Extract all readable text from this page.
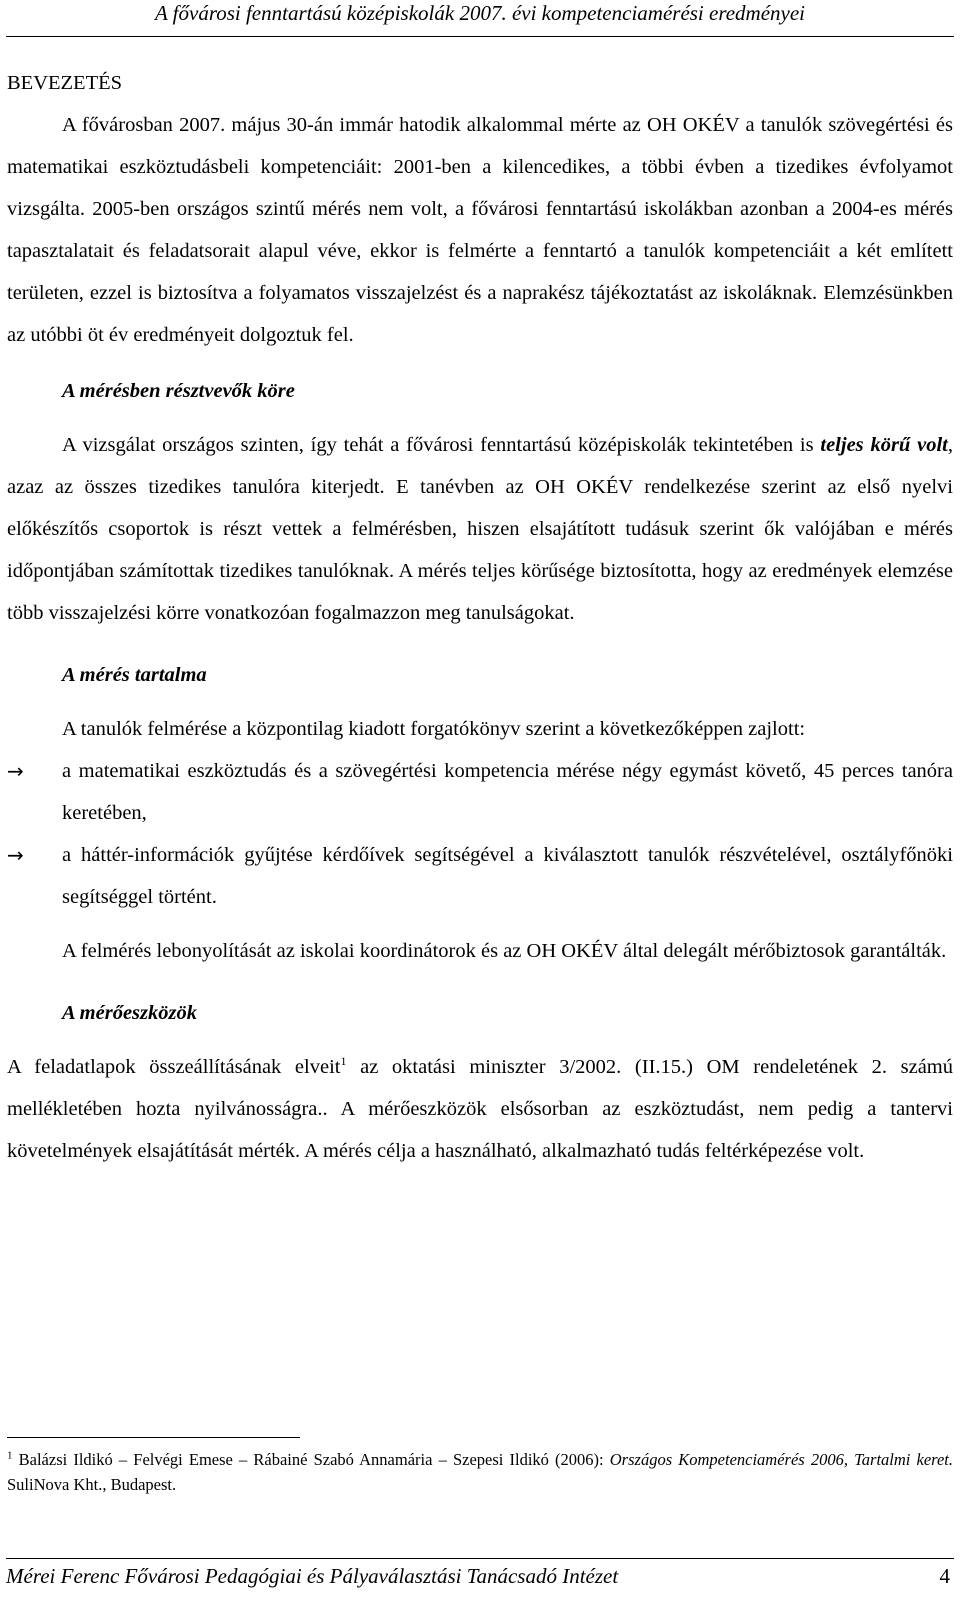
A fővárosi fenntartású középiskolák 2007. évi kompetenciamérési eredményei
BEVEZETÉS

A fővárosban 2007. május 30-án immár hatodik alkalommal mérte az OH OKÉV a tanulók szövegértési és matematikai eszköztudásbeli kompetenciáit: 2001-ben a kilencedikes, a többi évben a tizedikes évfolyamot vizsgálta. 2005-ben országos szintű mérés nem volt, a fővárosi fenntartású iskolákban azonban a 2004-es mérés tapasztalatait és feladatsorait alapul véve, ekkor is felmérte a fenntartó a tanulók kompetenciáit a két említett területen, ezzel is biztosítva a folyamatos visszajelzést és a naprakész tájékoztatást az iskoláknak. Elemzésünkben az utóbbi öt év eredményeit dolgoztuk fel.

A mérésben résztvevők köre

A vizsgálat országos szinten, így tehát a fővárosi fenntartású középiskolák tekintetében is teljes körű volt, azaz az összes tizedikes tanulóra kiterjedt. E tanévben az OH OKÉV rendelkezése szerint az első nyelvi előkészítős csoportok is részt vettek a felmérésben, hiszen elsajátított tudásuk szerint ők valójában e mérés időpontjában számítottak tizedikes tanulóknak. A mérés teljes körűsége biztosította, hogy az eredmények elemzése több visszajelzési körre vonatkozóan fogalmazzon meg tanulságokat.

A mérés tartalma

A tanulók felmérése a központilag kiadott forgatókönyv szerint a következőképpen zajlott:

→	a matematikai eszköztudás és a szövegértési kompetencia mérése négy egymást követő, 45 perces tanóra keretében,
→	a háttér-információk gyűjtése kérdőívek segítségével a kiválasztott tanulók részvételével, osztályfőnöki segítséggel történt.

A felmérés lebonyolítását az iskolai koordinátorok és az OH OKÉV által delegált mérőbiztosok garantálták.

A mérőeszközök

A feladatlapok összeállításának elveit$^1$ az oktatási miniszter 3/2002. (II.15.) OM rendeletének 2. számú mellékletében hozta nyilvánosságra.. A mérőeszközök elsősorban az eszköztudást, nem pedig a tantervi követelmények elsajátítását mérték. A mérés célja a használható, alkalmazható tudás feltérképezése volt.

$^1$ Balázsi Ildikó – Felvégi Emese – Rábainé Szabó Annamária – Szepesi Ildikó (2006): Országos Kompetenciamérés 2006, Tartalmi keret. SuliNova Kht., Budapest.
Mérei Ferenc Fővárosi Pedagógiai és Pályaválasztási Tanácsadó Intézet	4
